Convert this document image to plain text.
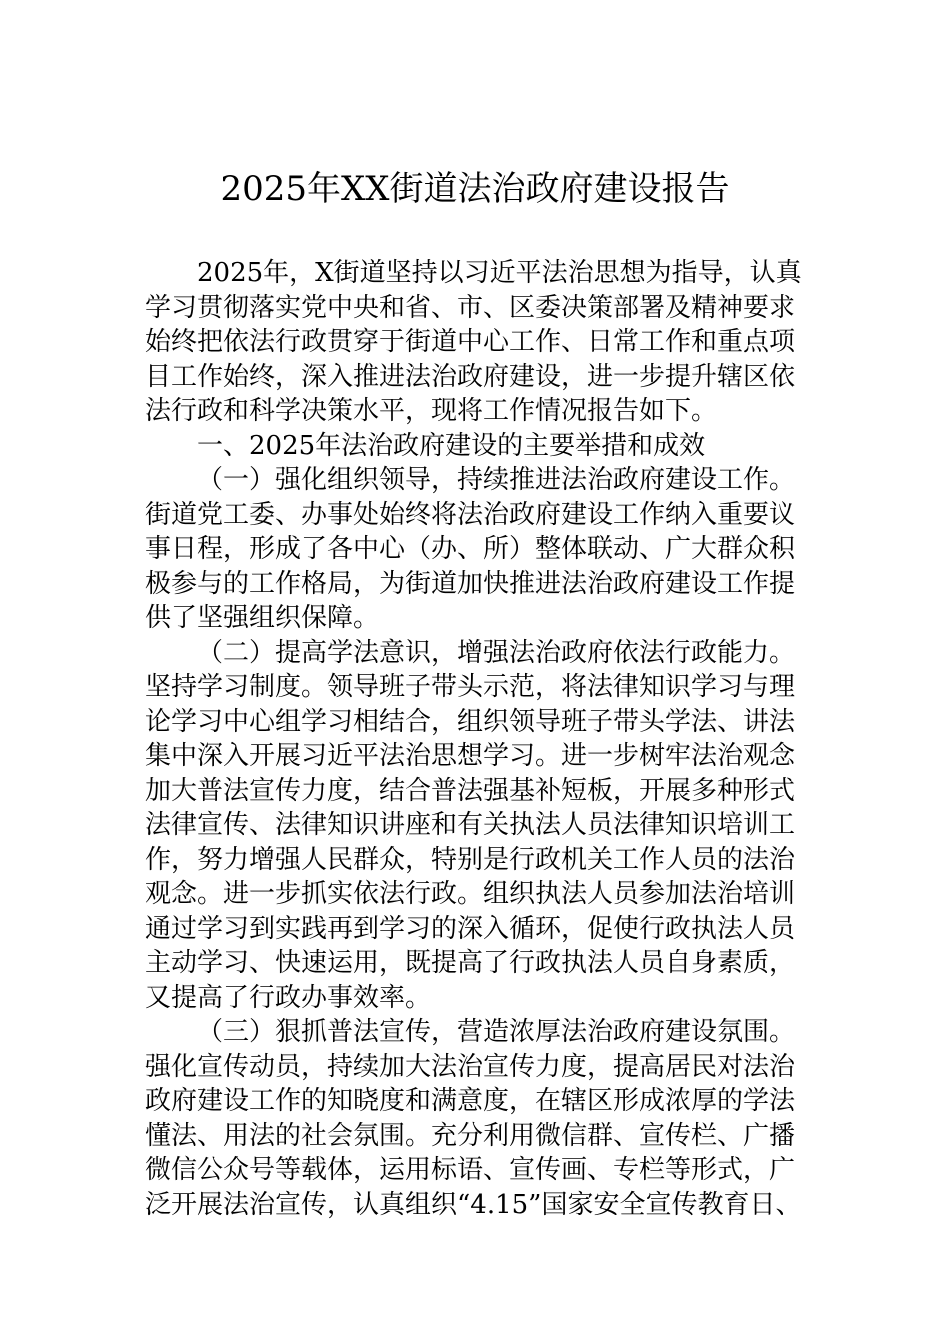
2025年XX街道法治政府建设报告
2025年，X街道坚持以习近平法治思想为指导，认真
学习贯彻落实党中央和省、市、区委决策部署及精神要求
始终把依法行政贯穿于街道中心工作、日常工作和重点项
目工作始终，深入推进法治政府建设，进一步提升辖区依
法行政和科学决策水平，现将工作情况报告如下。
一、2025年法治政府建设的主要举措和成效
（一）强化组织领导，持续推进法治政府建设工作。
街道党工委、办事处始终将法治政府建设工作纳入重要议
事日程，形成了各中心（办、所）整体联动、广大群众积
极参与的工作格局，为街道加快推进法治政府建设工作提
供了坚强组织保障。
（二）提高学法意识，增强法治政府依法行政能力。
坚持学习制度。领导班子带头示范，将法律知识学习与理
论学习中心组学习相结合，组织领导班子带头学法、讲法
集中深入开展习近平法治思想学习。进一步树牢法治观念
加大普法宣传力度，结合普法强基补短板，开展多种形式
法律宣传、法律知识讲座和有关执法人员法律知识培训工
作，努力增强人民群众，特别是行政机关工作人员的法治
观念。进一步抓实依法行政。组织执法人员参加法治培训
通过学习到实践再到学习的深入循环，促使行政执法人员
主动学习、快速运用，既提高了行政执法人员自身素质，
又提高了行政办事效率。
（三）狠抓普法宣传，营造浓厚法治政府建设氛围。
强化宣传动员，持续加大法治宣传力度，提高居民对法治
政府建设工作的知晓度和满意度，在辖区形成浓厚的学法
懂法、用法的社会氛围。充分利用微信群、宣传栏、广播
微信公众号等载体，运用标语、宣传画、专栏等形式，广
泛开展法治宣传，认真组织“4.15”国家安全宣传教育日、
